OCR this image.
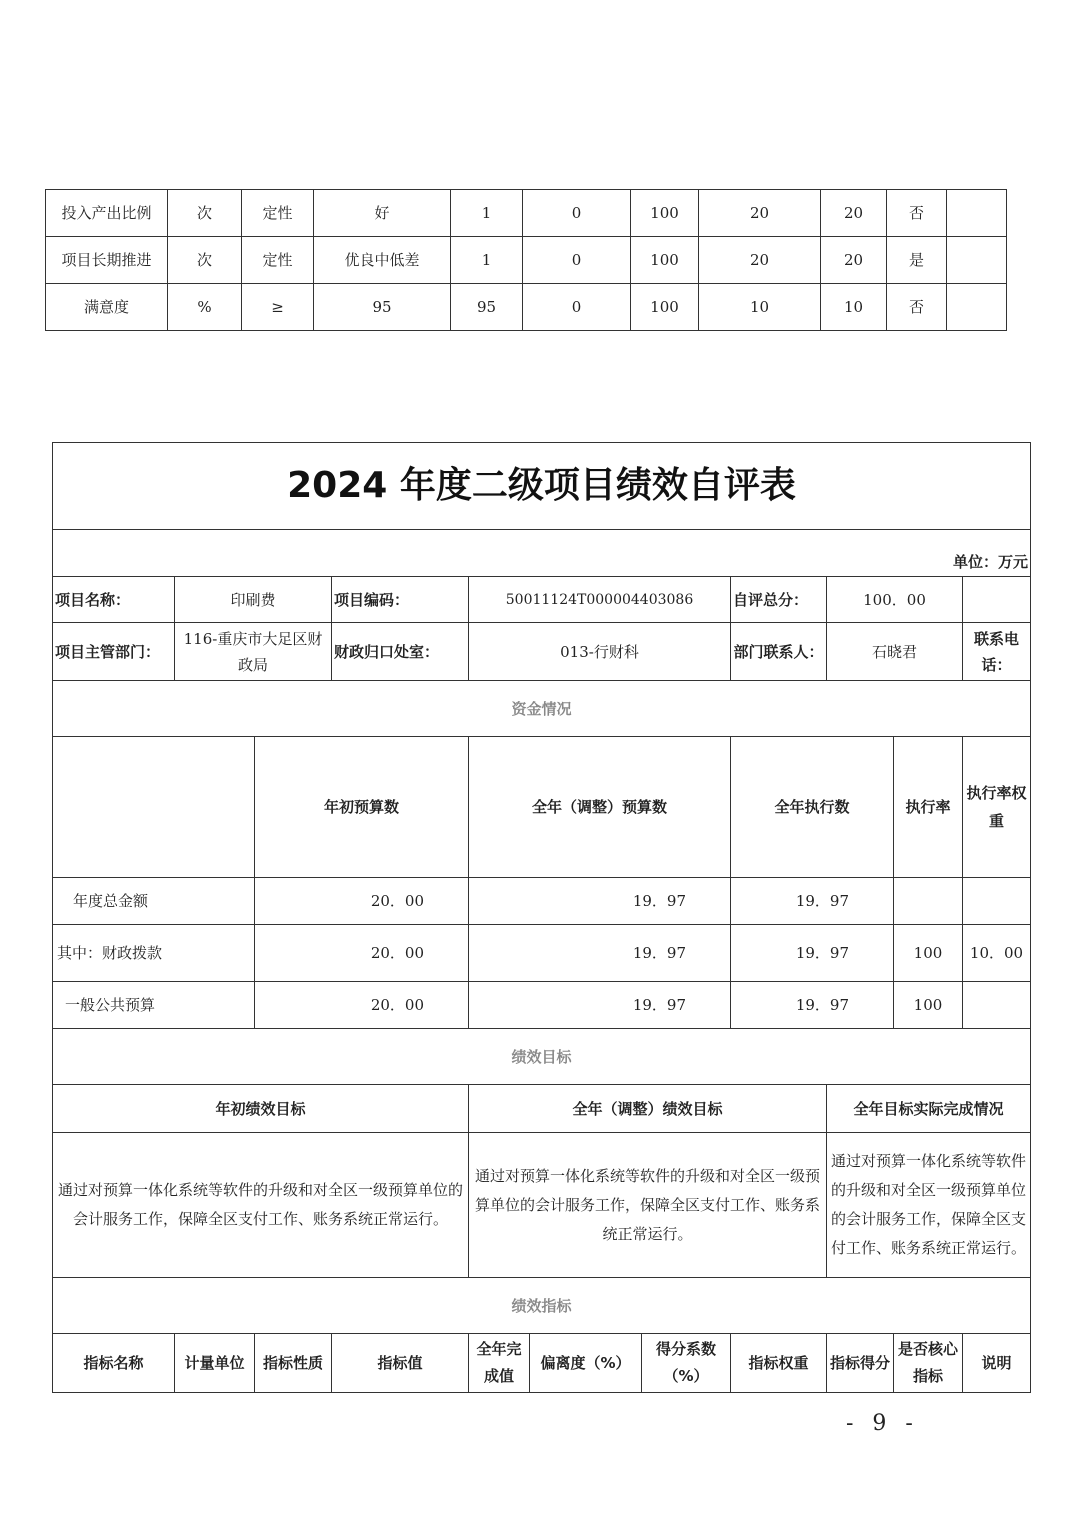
投入产出比例	次	定性	好	1	0	100	20	20	否	
项目长期推进	次	定性	优良中低差	1	0	100	20	20	是	
满意度	%	≥	95	95	0	100	10	10	否	
2024 年度二级项目绩效自评表											
单位：万元											
项目名称：	印刷费		项目编码：	50011124T000004403086			自评总分：	100．00			
项目主管部门：	116-重庆市大足区财政局		财政归口处室：	013-行财科			部门联系人：	石晓君		联系电话：	
资金情况											
		年初预算数		全年（调整）预算数			全年执行数		执行率	执行率权重	
年度总金额		20．00		19．97			19．97				
其中：财政拨款		20．00		19．97			19．97		100	10．00	
一般公共预算		20．00		19．97			19．97		100		
绩效目标											
年初绩效目标				全年（调整）绩效目标				全年目标实际完成情况			
通过对预算一体化系统等软件的升级和对全区一级预算单位的会计服务工作，保障全区支付工作、账务系统正常运行。				通过对预算一体化系统等软件的升级和对全区一级预算单位的会计服务工作，保障全区支付工作、账务系统正常运行。				通过对预算一体化系统等软件的升级和对全区一级预算单位的会计服务工作，保障全区支付工作、账务系统正常运行。			
绩效指标											
指标名称	计量单位	指标性质	指标值	全年完成值	偏离度（%）	得分系数（%）	指标权重	指标得分	是否核心指标	说明	
- 9 -
